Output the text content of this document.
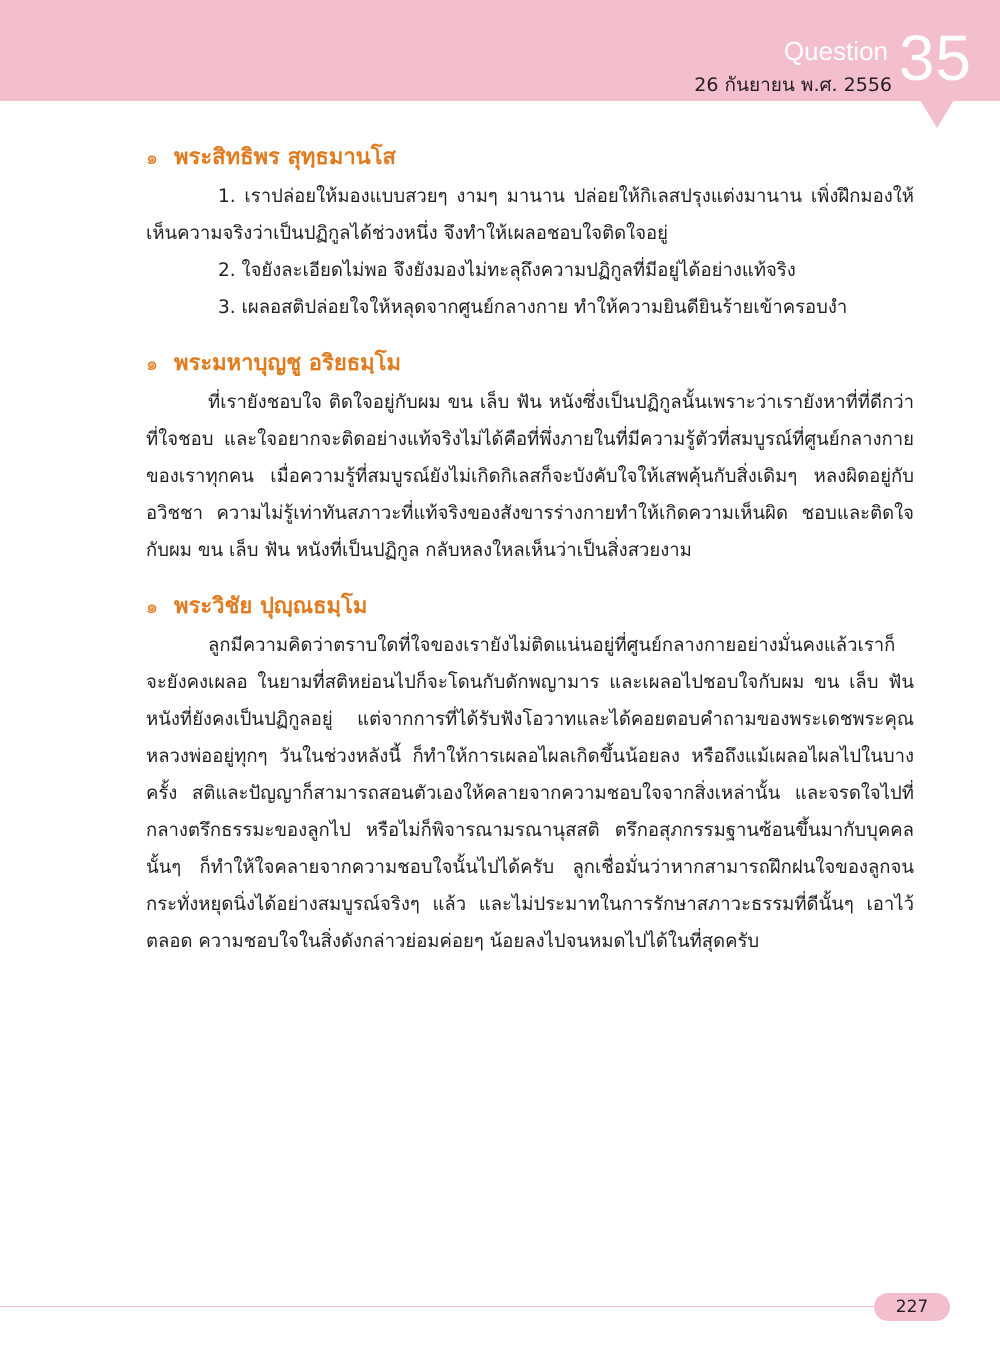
Question
26 กันยายน พ.ศ. 2556 35
๑ พระสิทธิพร สุทฺธมานโส

1. เราปล่อยให้มองแบบสวยๆ งามๆ มานาน ปล่อยให้กิเลสปรุงแต่งมานาน เพิ่งฝึกมองให้เห็นความจริงว่าเป็นปฏิกูลได้ช่วงหนึ่ง จึงทำให้เผลอชอบใจติดใจอยู่

2. ใจยังละเอียดไม่พอ จึงยังมองไม่ทะลุถึงความปฏิกูลที่มีอยู่ได้อย่างแท้จริง

3. เผลอสติปล่อยใจให้หลุดจากศูนย์กลางกาย ทำให้ความยินดียินร้ายเข้าครอบงำ

๑ พระมหาบุญชู อริยธมฺโม

ที่เรายังชอบใจ ติดใจอยู่กับผม ขน เล็บ ฟัน หนังซึ่งเป็นปฏิกูลนั้นเพราะว่าเรายังหาที่ที่ดีกว่า ที่ใจชอบ และใจอยากจะติดอย่างแท้จริงไม่ได้คือที่พึ่งภายในที่มีความรู้ตัวที่สมบูรณ์ที่ศูนย์กลางกายของเราทุกคน เมื่อความรู้ที่สมบูรณ์ยังไม่เกิดกิเลสก็จะบังคับใจให้เสพคุ้นกับสิ่งเดิมๆ หลงผิดอยู่กับอวิชชา ความไม่รู้เท่าทันสภาวะที่แท้จริงของสังขารร่างกายทำให้เกิดความเห็นผิด ชอบและติดใจกับผม ขน เล็บ ฟัน หนังที่เป็นปฏิกูล กลับหลงใหลเห็นว่าเป็นสิ่งสวยงาม

๑ พระวิชัย ปุญฺณธมฺโม

ลูกมีความคิดว่าตราบใดที่ใจของเรายังไม่ติดแน่นอยู่ที่ศูนย์กลางกายอย่างมั่นคงแล้วเราก็จะยังคงเผลอ ในยามที่สติหย่อนไปก็จะโดนกับดักพญามาร และเผลอไปชอบใจกับผม ขน เล็บ ฟัน หนังที่ยังคงเป็นปฏิกูลอยู่ แต่จากการที่ได้รับฟังโอวาทและได้คอยตอบคำถามของพระเดชพระคุณหลวงพ่ออยู่ทุกๆ วันในช่วงหลังนี้ ก็ทำให้การเผลอไผลเกิดขึ้นน้อยลง หรือถึงแม้เผลอไผลไปในบางครั้ง สติและปัญญาก็สามารถสอนตัวเองให้คลายจากความชอบใจจากสิ่งเหล่านั้น และจรดใจไปที่กลางตรึกธรรมะของลูกไป หรือไม่ก็พิจารณามรณานุสสติ ตรึกอสุภกรรมฐานซ้อนขึ้นมากับบุคคลนั้นๆ ก็ทำให้ใจคลายจากความชอบใจนั้นไปได้ครับ ลูกเชื่อมั่นว่าหากสามารถฝึกฝนใจของลูกจนกระทั่งหยุดนิ่งได้อย่างสมบูรณ์จริงๆ แล้ว และไม่ประมาทในการรักษาสภาวะธรรมที่ดีนั้นๆ เอาไว้ตลอด ความชอบใจในสิ่งดังกล่าวย่อมค่อยๆ น้อยลงไปจนหมดไปได้ในที่สุดครับ

227
